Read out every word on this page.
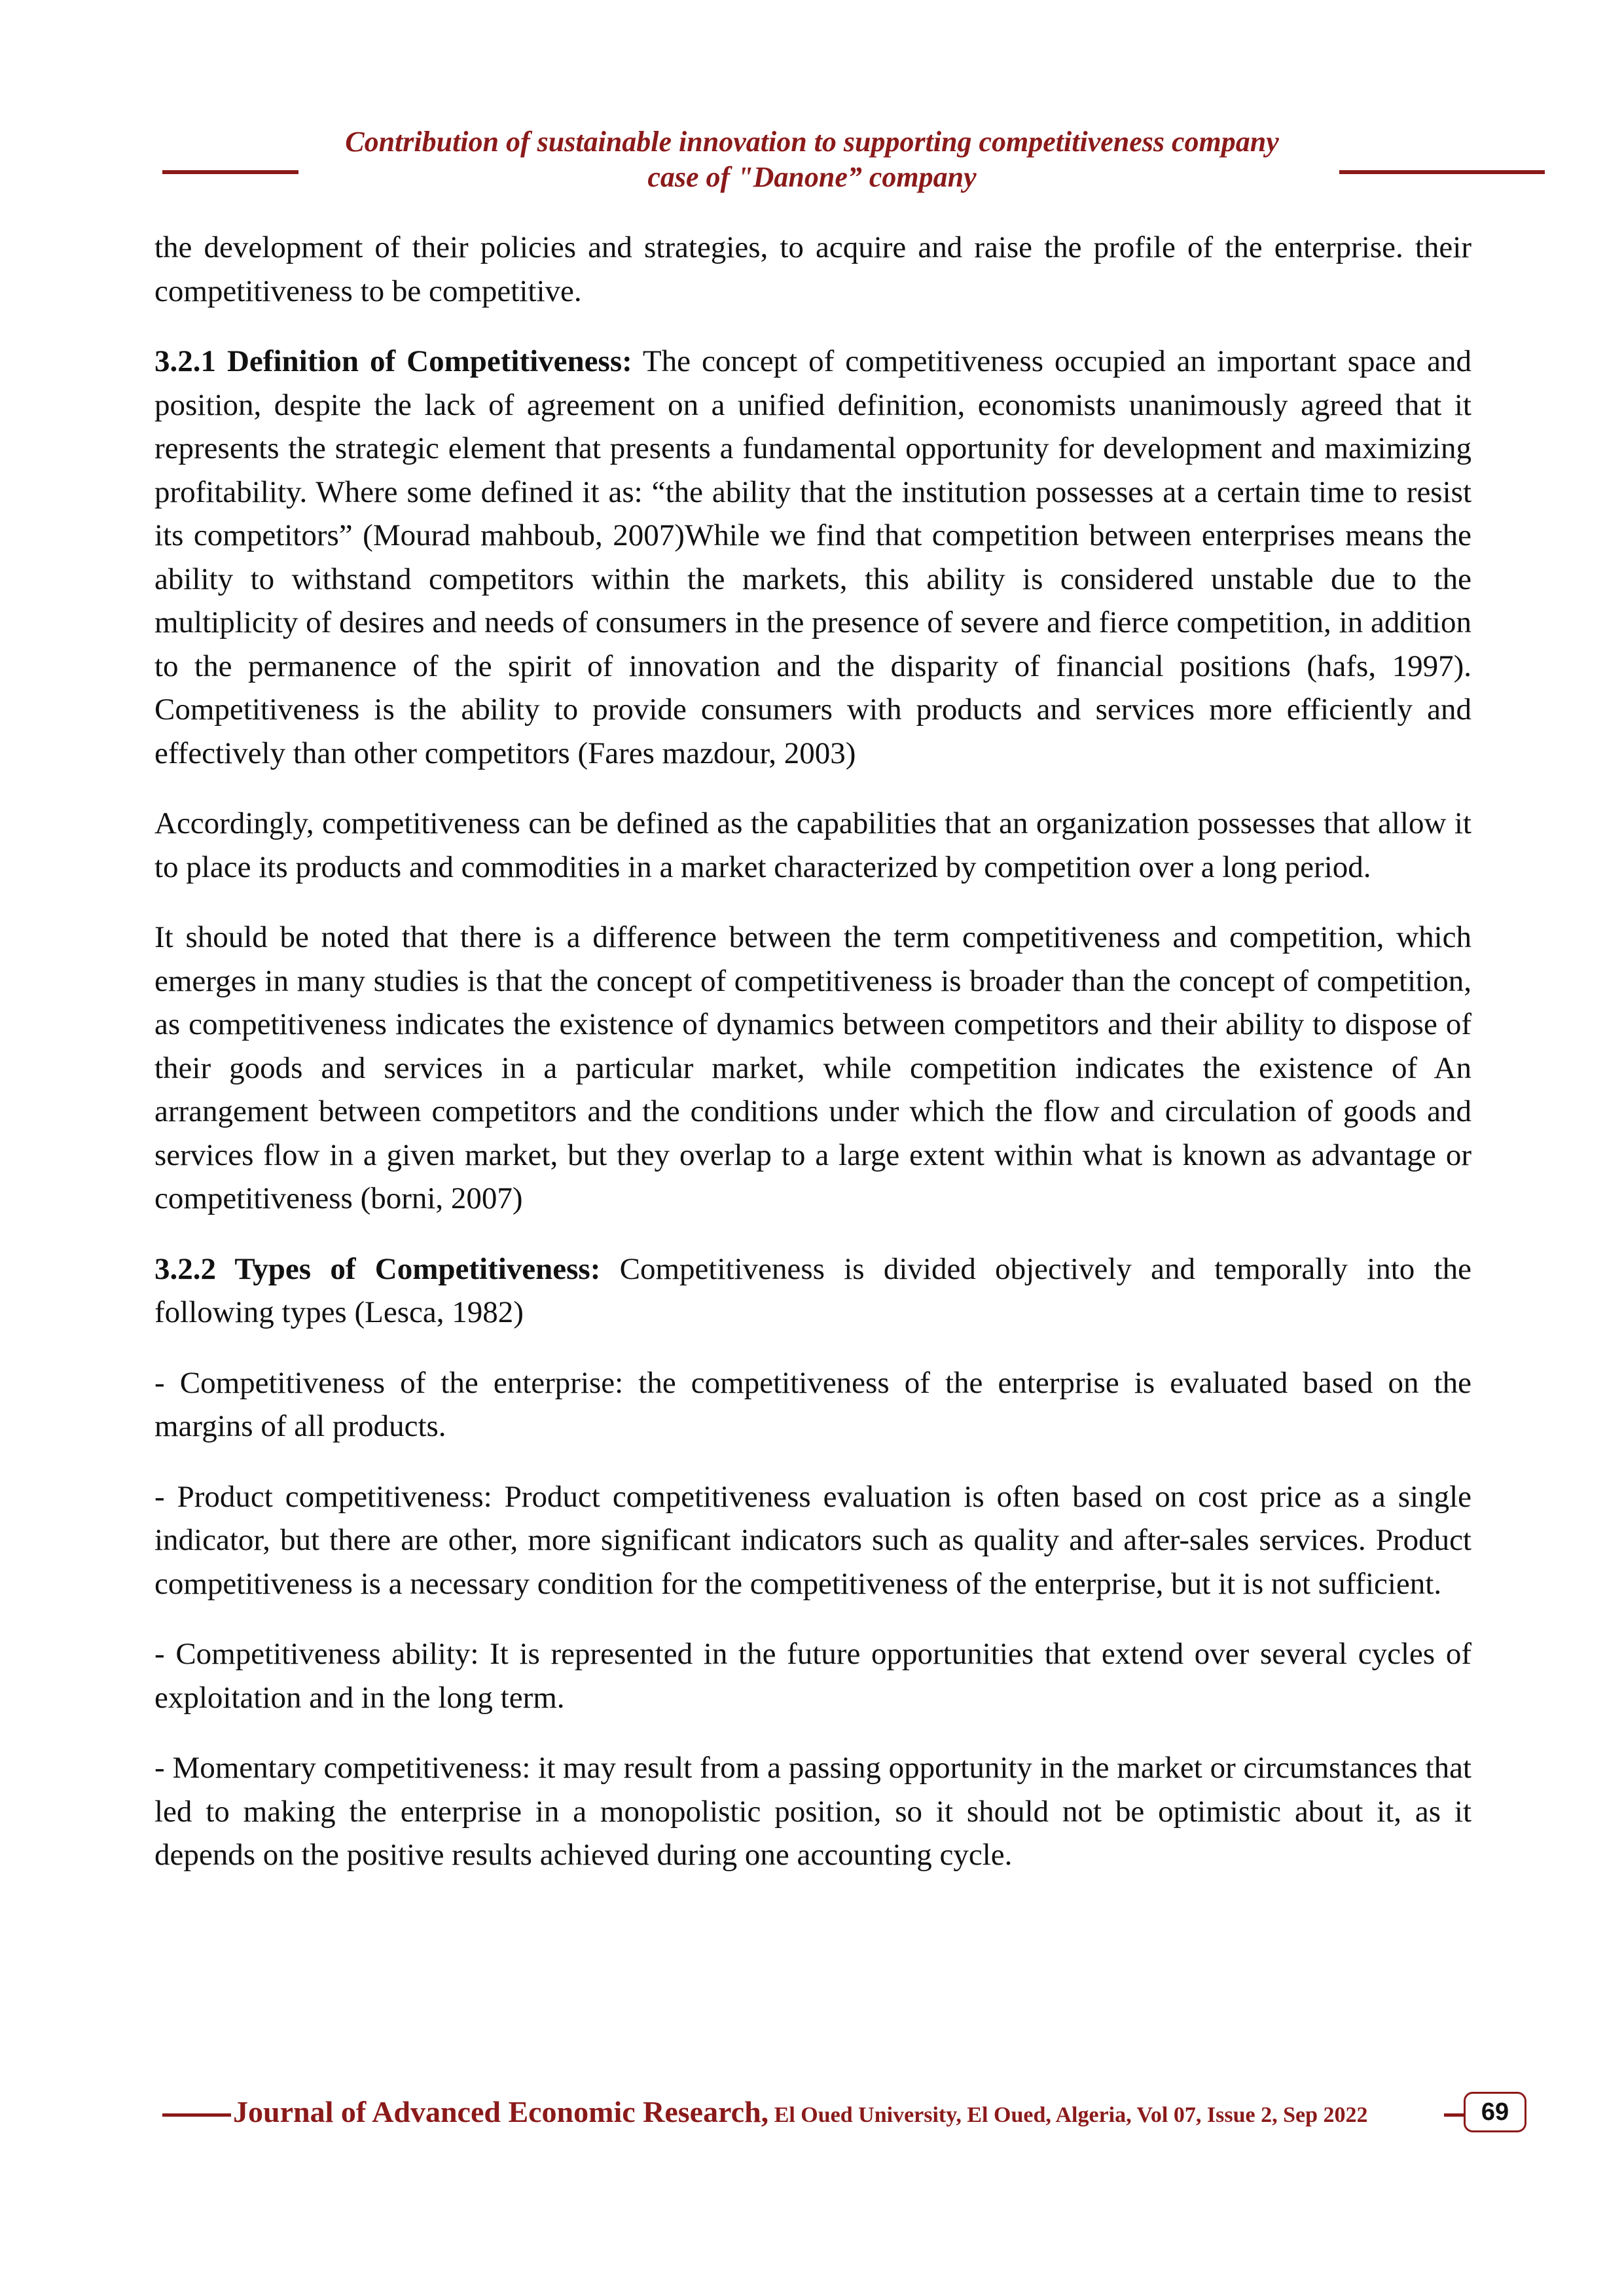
Contribution of sustainable innovation to supporting competitiveness company
case of "Danone” company

the development of their policies and strategies, to acquire and raise the profile of the enterprise. their competitiveness to be competitive.

3.2.1 Definition of Competitiveness: The concept of competitiveness occupied an important space and position, despite the lack of agreement on a unified definition, economists unanimously agreed that it represents the strategic element that presents a fundamental opportunity for development and maximizing profitability. Where some defined it as: “the ability that the institution possesses at a certain time to resist its competitors” (Mourad mahboub, 2007)While we find that competition between enterprises means the ability to withstand competitors within the markets, this ability is considered unstable due to the multiplicity of desires and needs of consumers in the presence of severe and fierce competition, in addition to the permanence of the spirit of innovation and the disparity of financial positions (hafs, 1997). Competitiveness is the ability to provide consumers with products and services more efficiently and effectively than other competitors (Fares mazdour, 2003)

Accordingly, competitiveness can be defined as the capabilities that an organization possesses that allow it to place its products and commodities in a market characterized by competition over a long period.

It should be noted that there is a difference between the term competitiveness and competition, which emerges in many studies is that the concept of competitiveness is broader than the concept of competition, as competitiveness indicates the existence of dynamics between competitors and their ability to dispose of their goods and services in a particular market, while competition indicates the existence of An arrangement between competitors and the conditions under which the flow and circulation of goods and services flow in a given market, but they overlap to a large extent within what is known as advantage or competitiveness (borni, 2007)

3.2.2 Types of Competitiveness: Competitiveness is divided objectively and temporally into the following types (Lesca, 1982)

- Competitiveness of the enterprise: the competitiveness of the enterprise is evaluated based on the margins of all products.

- Product competitiveness: Product competitiveness evaluation is often based on cost price as a single indicator, but there are other, more significant indicators such as quality and after-sales services. Product competitiveness is a necessary condition for the competitiveness of the enterprise, but it is not sufficient.

- Competitiveness ability: It is represented in the future opportunities that extend over several cycles of exploitation and in the long term.

- Momentary competitiveness: it may result from a passing opportunity in the market or circumstances that led to making the enterprise in a monopolistic position, so it should not be optimistic about it, as it depends on the positive results achieved during one accounting cycle.

Journal of Advanced Economic Research, El Oued University, El Oued, Algeria, Vol 07, Issue 2, Sep 2022	69
